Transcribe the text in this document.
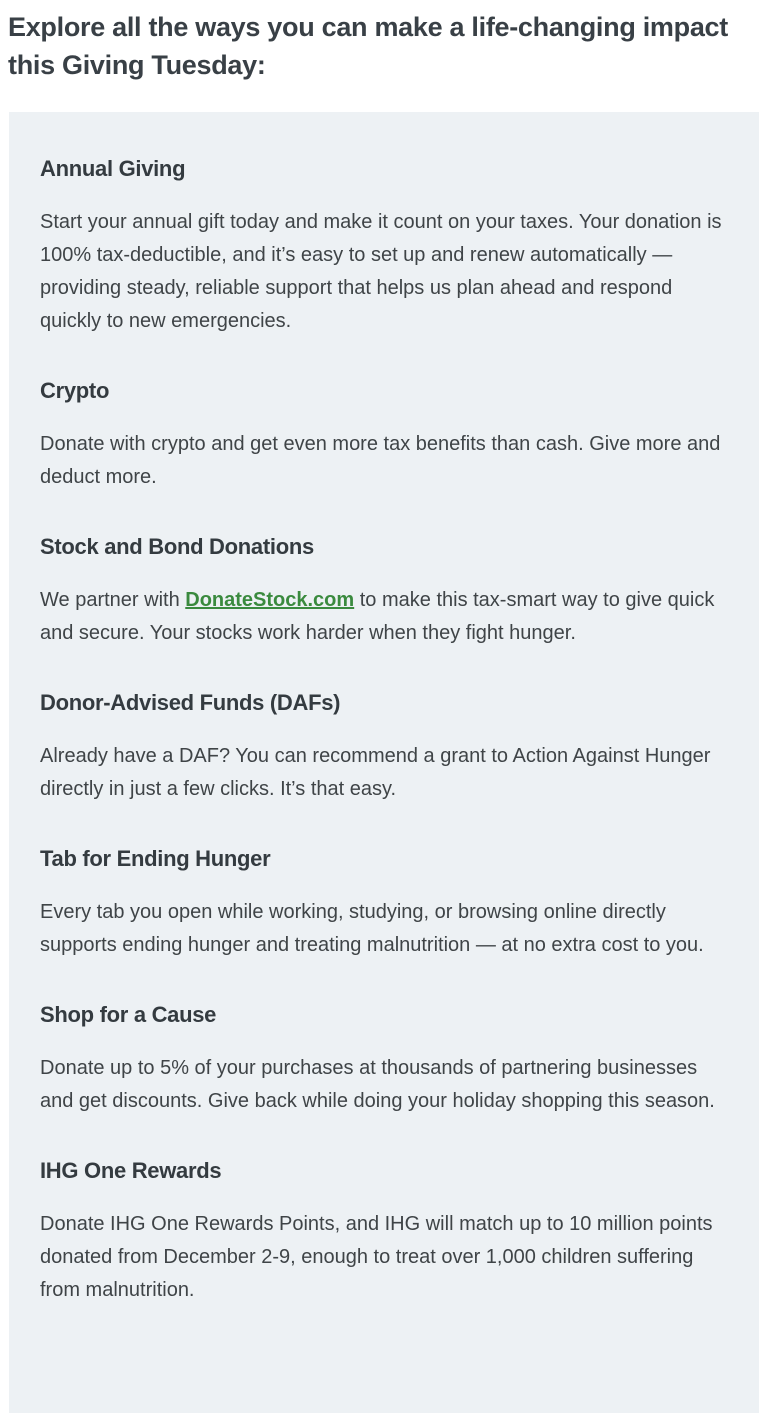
Explore all the ways you can make a life-changing impact this Giving Tuesday:
Annual Giving

Start your annual gift today and make it count on your taxes. Your donation is 100% tax-deductible, and it’s easy to set up and renew automatically — providing steady, reliable support that helps us plan ahead and respond quickly to new emergencies.

Crypto

Donate with crypto and get even more tax benefits than cash. Give more and deduct more.

Stock and Bond Donations

We partner with DonateStock.com to make this tax-smart way to give quick and secure. Your stocks work harder when they fight hunger.

Donor-Advised Funds (DAFs)

Already have a DAF? You can recommend a grant to Action Against Hunger directly in just a few clicks. It’s that easy.

Tab for Ending Hunger

Every tab you open while working, studying, or browsing online directly supports ending hunger and treating malnutrition — at no extra cost to you.

Shop for a Cause

Donate up to 5% of your purchases at thousands of partnering businesses and get discounts. Give back while doing your holiday shopping this season.

IHG One Rewards

Donate IHG One Rewards Points, and IHG will match up to 10 million points donated from December 2-9, enough to treat over 1,000 children suffering from malnutrition.
